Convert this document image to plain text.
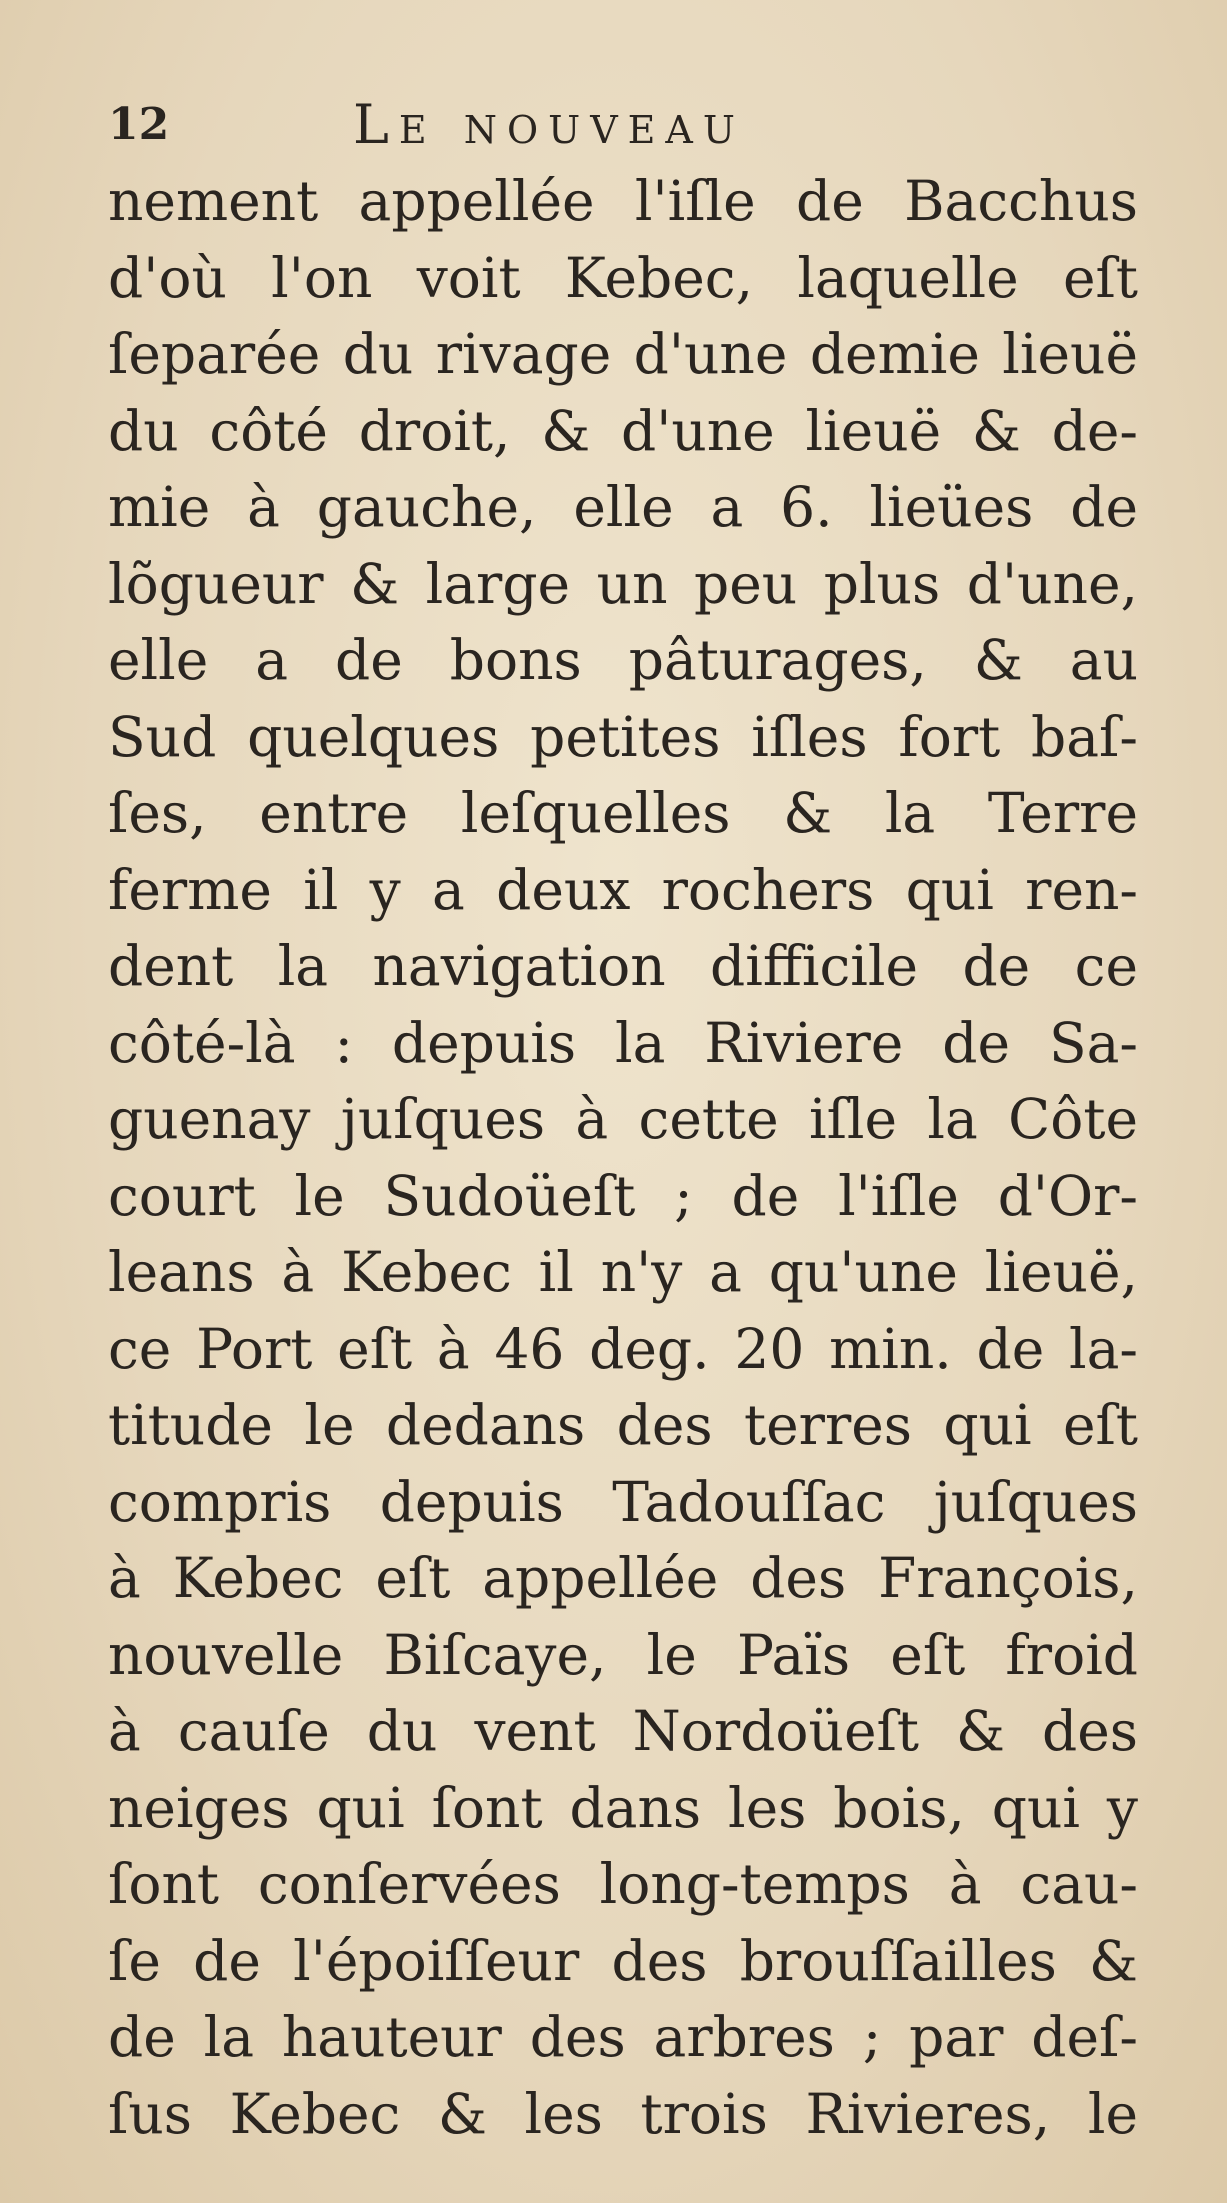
12	Le nouveau
nement appellée l'iſle de Bacchus
d'où l'on voit Kebec, laquelle eſt
ſeparée du rivage d'une demie lieuë
du côté droit, & d'une lieuë & de-
mie à gauche, elle a 6. lieües de
lõgueur & large un peu plus d'une,
elle a de bons pâturages, & au
Sud quelques petites iſles fort baſ-
ſes, entre leſquelles & la Terre
ferme il y a deux rochers qui ren-
dent la navigation difficile de ce
côté-là : depuis la Riviere de Sa-
guenay juſques à cette iſle la Côte
court le Sudoüeſt ; de l'iſle d'Or-
leans à Kebec il n'y a qu'une lieuë,
ce Port eſt à 46 deg. 20 min. de la-
titude le dedans des terres qui eſt
compris depuis Tadouſſac juſques
à Kebec eſt appellée des François,
nouvelle Biſcaye, le Païs eſt froid
à cauſe du vent Nordoüeſt & des
neiges qui ſont dans les bois, qui y
ſont conſervées long-temps à cau-
ſe de l'époiſſeur des brouſſailles &
de la hauteur des arbres ; par deſ-
ſus Kebec & les trois Rivieres, le
